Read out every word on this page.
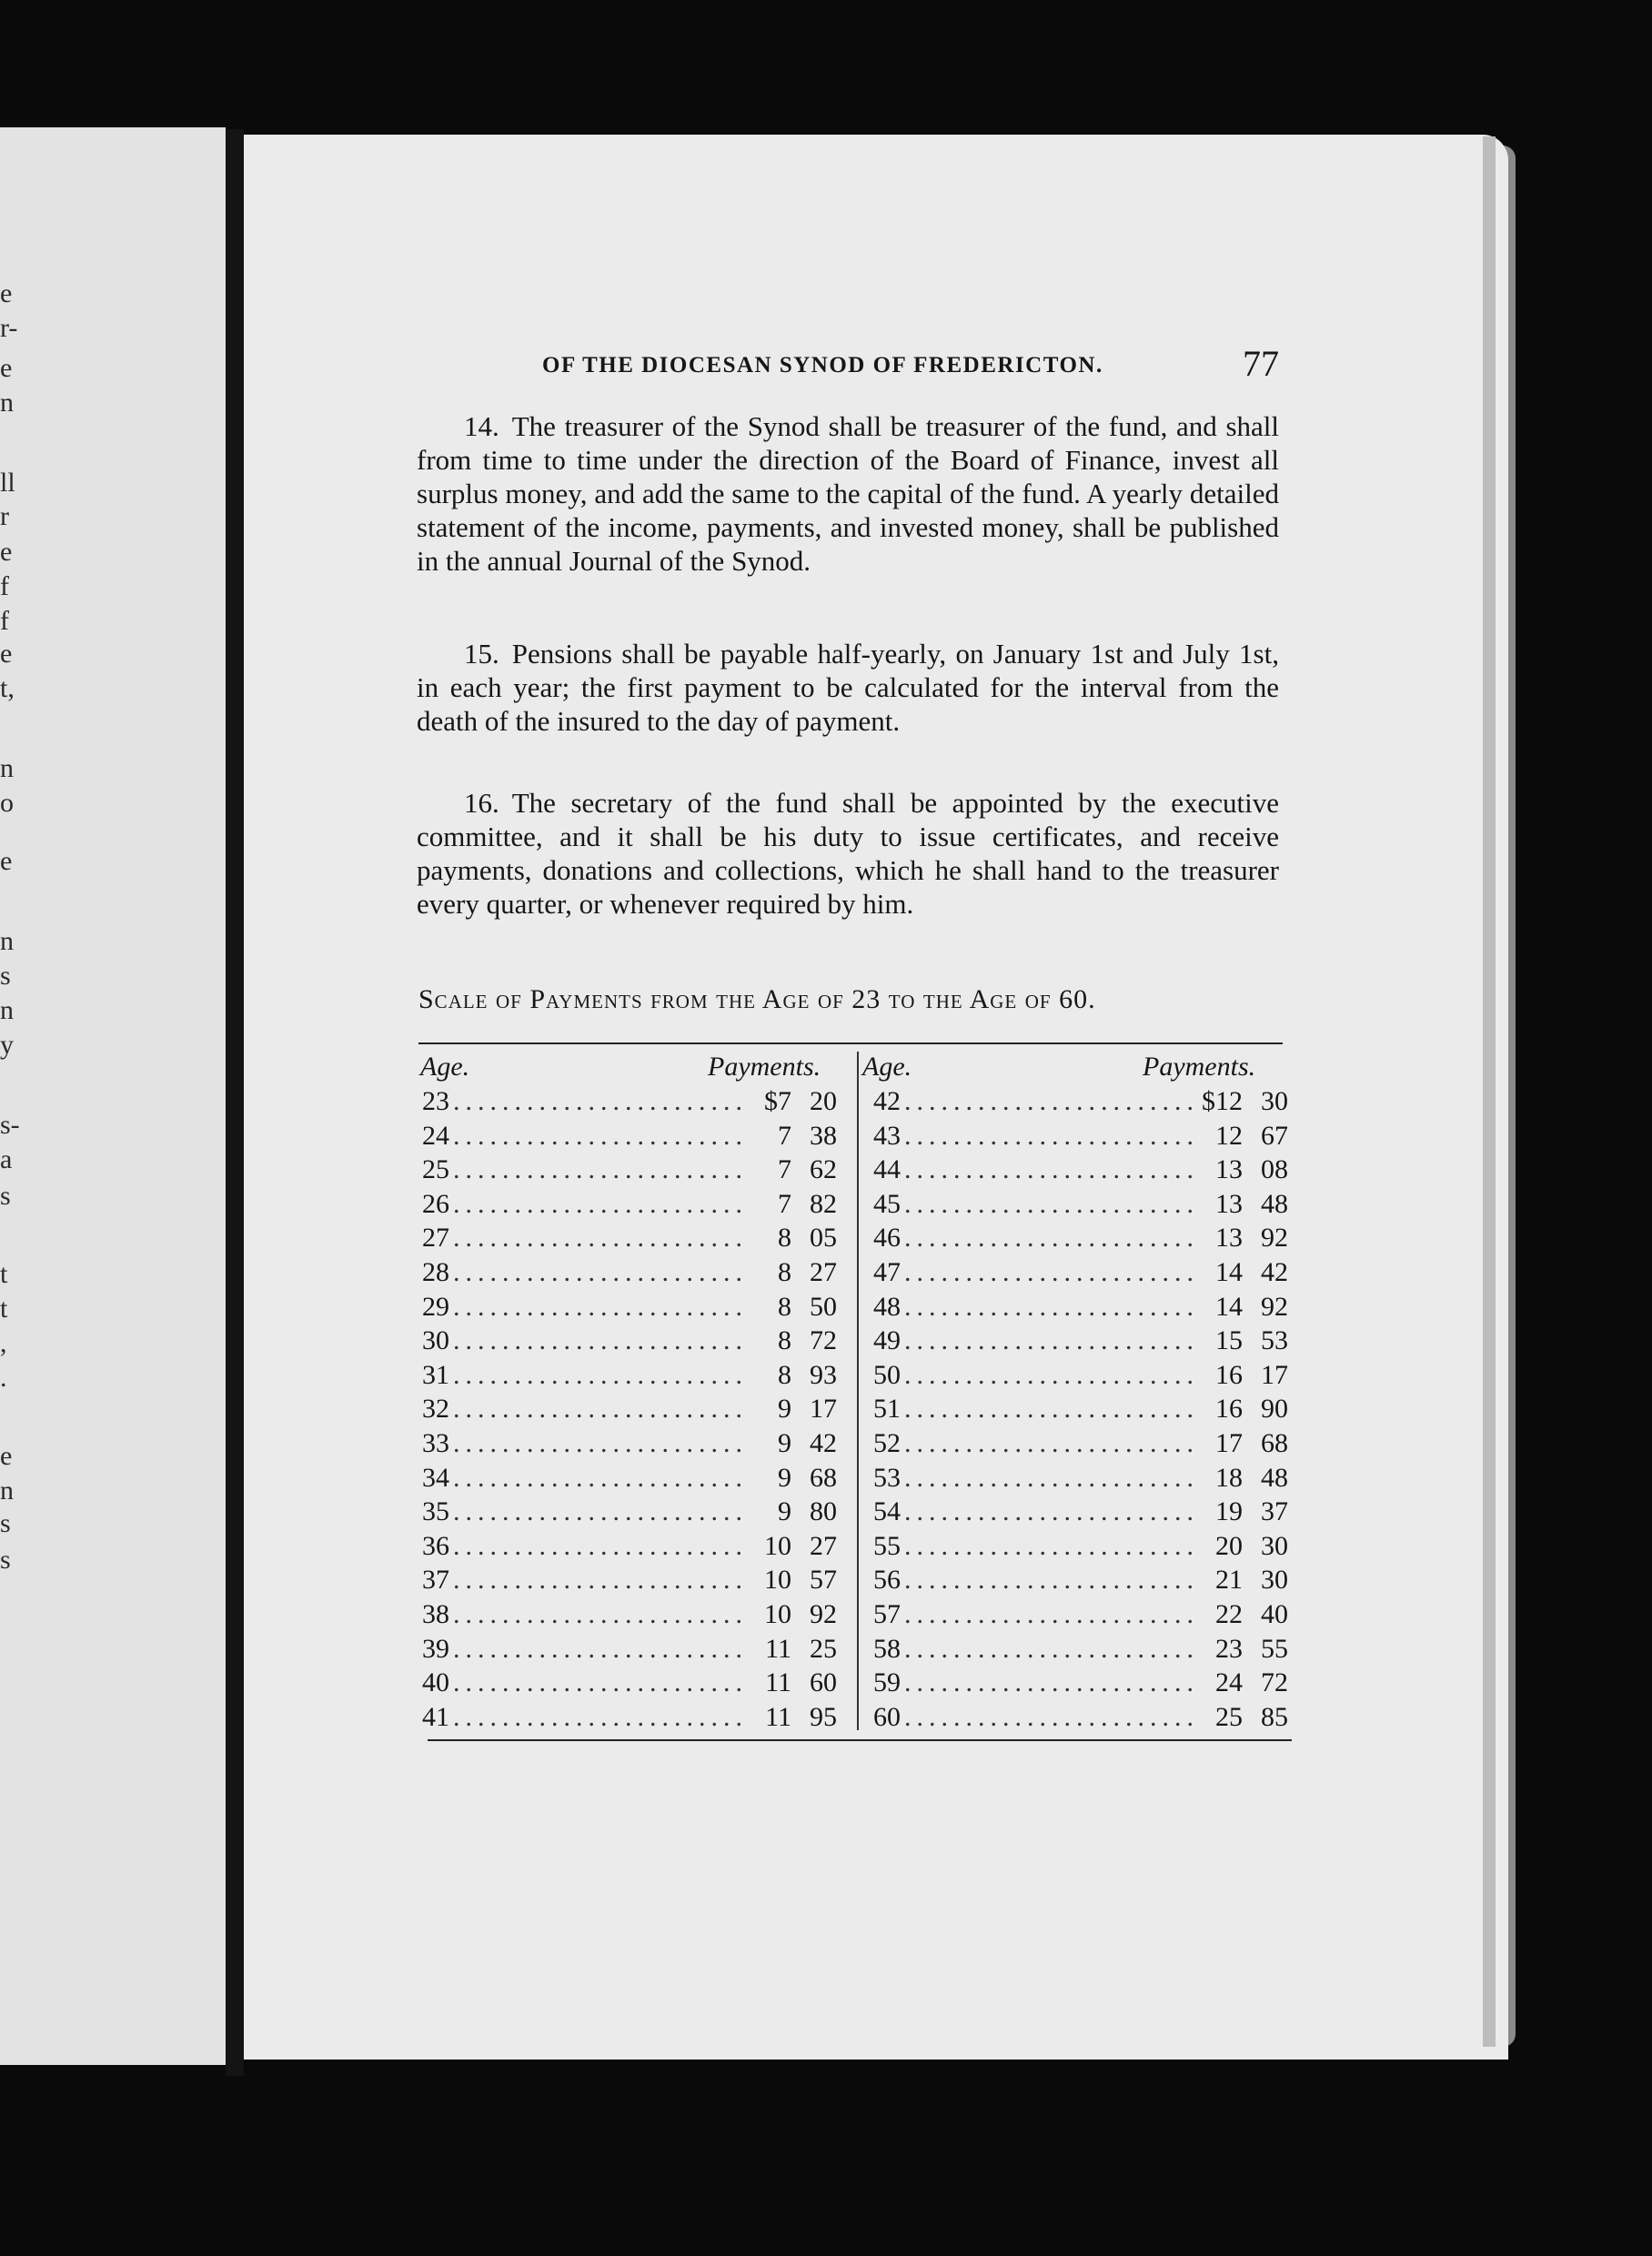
e
r-
e
n
ll
r
e
f
f
e
t,
n
o
e
n
s
n
y
s-
a
s
t
t
,
.
e
n
s
s
OF THE DIOCESAN SYNOD OF FREDERICTON.	77
14. The treasurer of the Synod shall be treasurer of the fund, and shall from time to time under the direction of the Board of Finance, invest all surplus money, and add the same to the capital of the fund. A yearly detailed statement of the income, payments, and invested money, shall be published in the annual Journal of the Synod.
15. Pensions shall be payable half-yearly, on January 1st and July 1st, in each year; the first payment to be calculated for the interval from the death of the insured to the day of payment.
16. The secretary of the fund shall be appointed by the executive committee, and it shall be his duty to issue certificates, and receive payments, donations and collections, which he shall hand to the treasurer every quarter, or whenever required by him.
Scale of Payments from the Age of 23 to the Age of 60.
Age.	Payments. Age.	Payments.
23 .....	$7 20
24 .....	7 38
25 .....	7 62
26 .....	7 82
27 .....	8 05
28 .....	8 27
29 .....	8 50
30 .....	8 72
31 .....	8 93
32 .....	9 17
33 .....	9 42
34 .....	9 68
35 .....	9 80
36 .....	10 27
37 .....	10 57
38 .....	10 92
39 .....	11 25
40 .....	11 60
41 .....	11 95
42 .....	$12 30
43 .....	12 67
44 .....	13 08
45 .....	13 48
46 .....	13 92
47 .....	14 42
48 .....	14 92
49 .....	15 53
50 .....	16 17
51 .....	16 90
52 .....	17 68
53 .....	18 48
54 .....	19 37
55 .....	20 30
56 .....	21 30
57 .....	22 40
58 .....	23 55
59 .....	24 72
60 .....	25 85
